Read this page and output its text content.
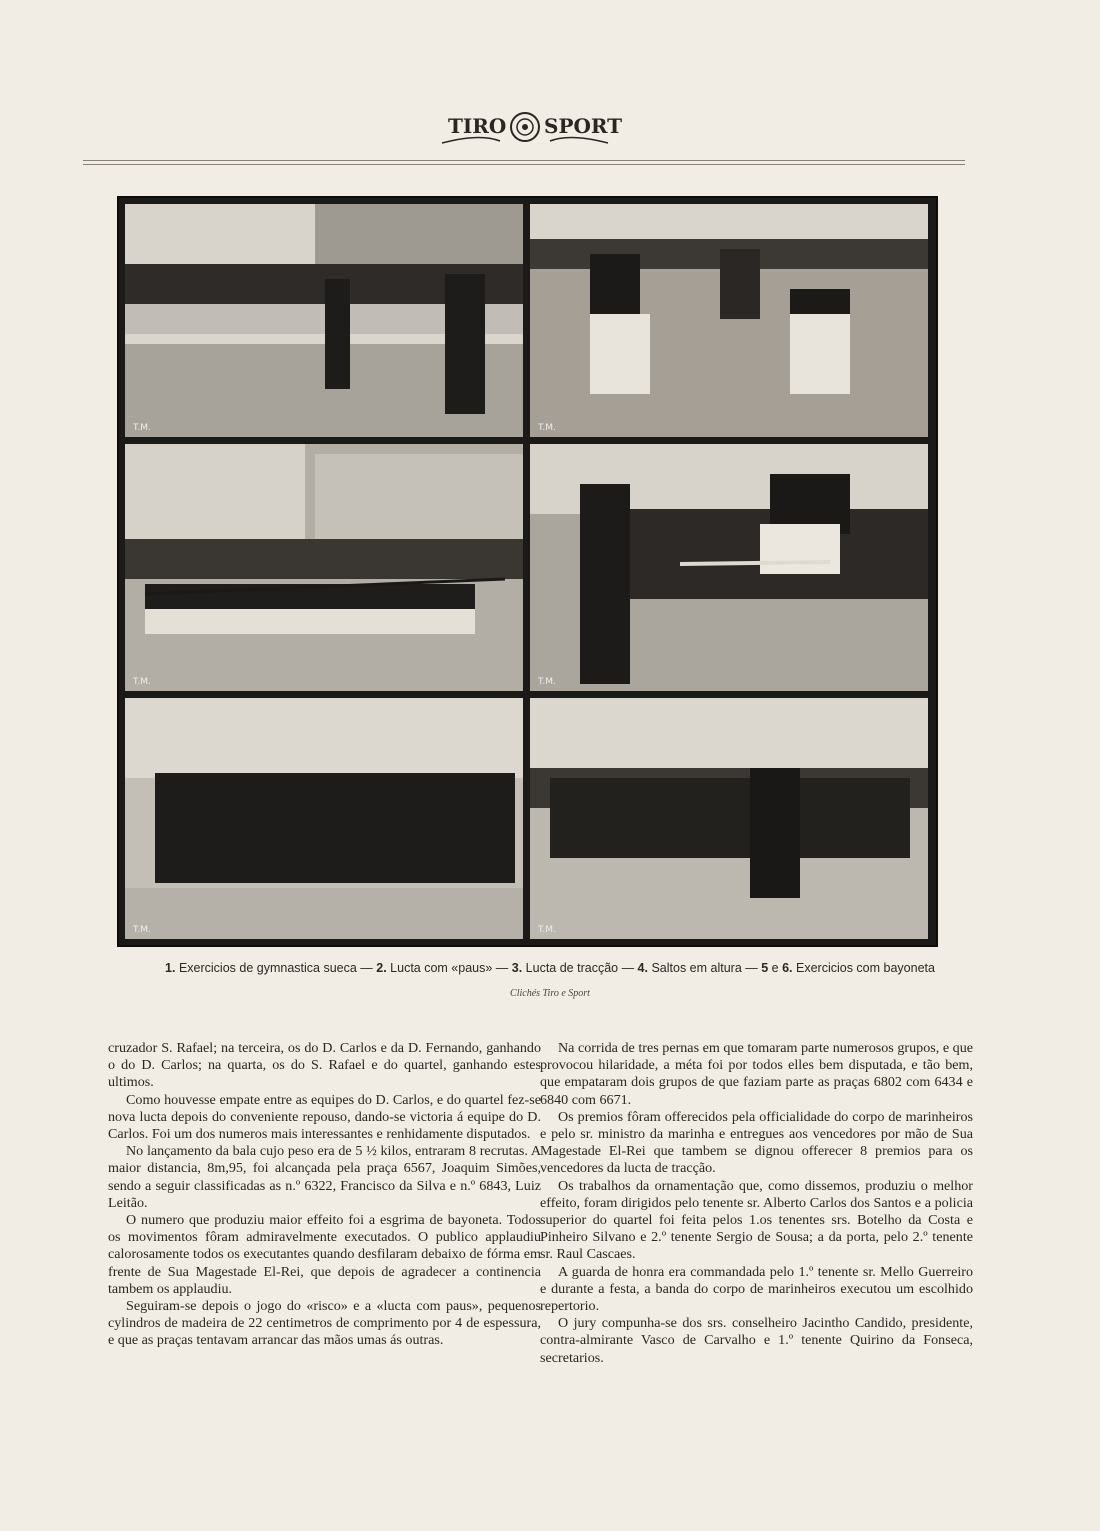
TIRO SPORT
T.M.	T.M.
T.M.	T.M.
T.M.	T.M.
1. Exercicios de gymnastica sueca — 2. Lucta com «paus» — 3. Lucta de tracção — 4. Saltos em altura — 5 e 6. Exercicios com bayoneta
Clichés Tiro e Sport

cruzador S. Rafael; na terceira, os do D. Carlos e da D. Fernando, ganhando o do D. Carlos; na quarta, os do S. Rafael e do quartel, ganhando estes ultimos.

Como houvesse empate entre as equipes do D. Carlos, e do quartel fez-se nova lucta depois do conveniente repouso, dando-se victoria á equipe do D. Carlos. Foi um dos numeros mais interessantes e renhidamente disputados.

No lançamento da bala cujo peso era de 5 ½ kilos, entraram 8 recrutas. A maior distancia, 8m,95, foi alcançada pela praça 6567, Joaquim Simões, sendo a seguir classificadas as n.º 6322, Francisco da Silva e n.º 6843, Luiz Leitão.

O numero que produziu maior effeito foi a esgrima de bayoneta. Todos os movimentos fôram admiravelmente executados. O publico applaudiu calorosamente todos os executantes quando desfilaram debaixo de fórma em frente de Sua Magestade El-Rei, que depois de agradecer a continencia tambem os applaudiu.

Seguiram-se depois o jogo do «risco» e a «lucta com paus», pequenos cylindros de madeira de 22 centimetros de comprimento por 4 de espessura, e que as praças tentavam arrancar das mãos umas ás outras.

Na corrida de tres pernas em que tomaram parte numerosos grupos, e que provocou hilaridade, a méta foi por todos elles bem disputada, e tão bem, que empataram dois grupos de que faziam parte as praças 6802 com 6434 e 6840 com 6671.

Os premios fôram offerecidos pela officialidade do corpo de marinheiros e pelo sr. ministro da marinha e entregues aos vencedores por mão de Sua Magestade El-Rei que tambem se dignou offerecer 8 premios para os vencedores da lucta de tracção.

Os trabalhos da ornamentação que, como dissemos, produziu o melhor effeito, foram dirigidos pelo tenente sr. Alberto Carlos dos Santos e a policia superior do quartel foi feita pelos 1.os tenentes srs. Botelho da Costa e Pinheiro Silvano e 2.º tenente Sergio de Sousa; a da porta, pelo 2.º tenente sr. Raul Cascaes.

A guarda de honra era commandada pelo 1.º tenente sr. Mello Guerreiro e durante a festa, a banda do corpo de marinheiros executou um escolhido repertorio.

O jury compunha-se dos srs. conselheiro Jacintho Candido, presidente, contra-almirante Vasco de Carvalho e 1.º tenente Quirino da Fonseca, secretarios.
